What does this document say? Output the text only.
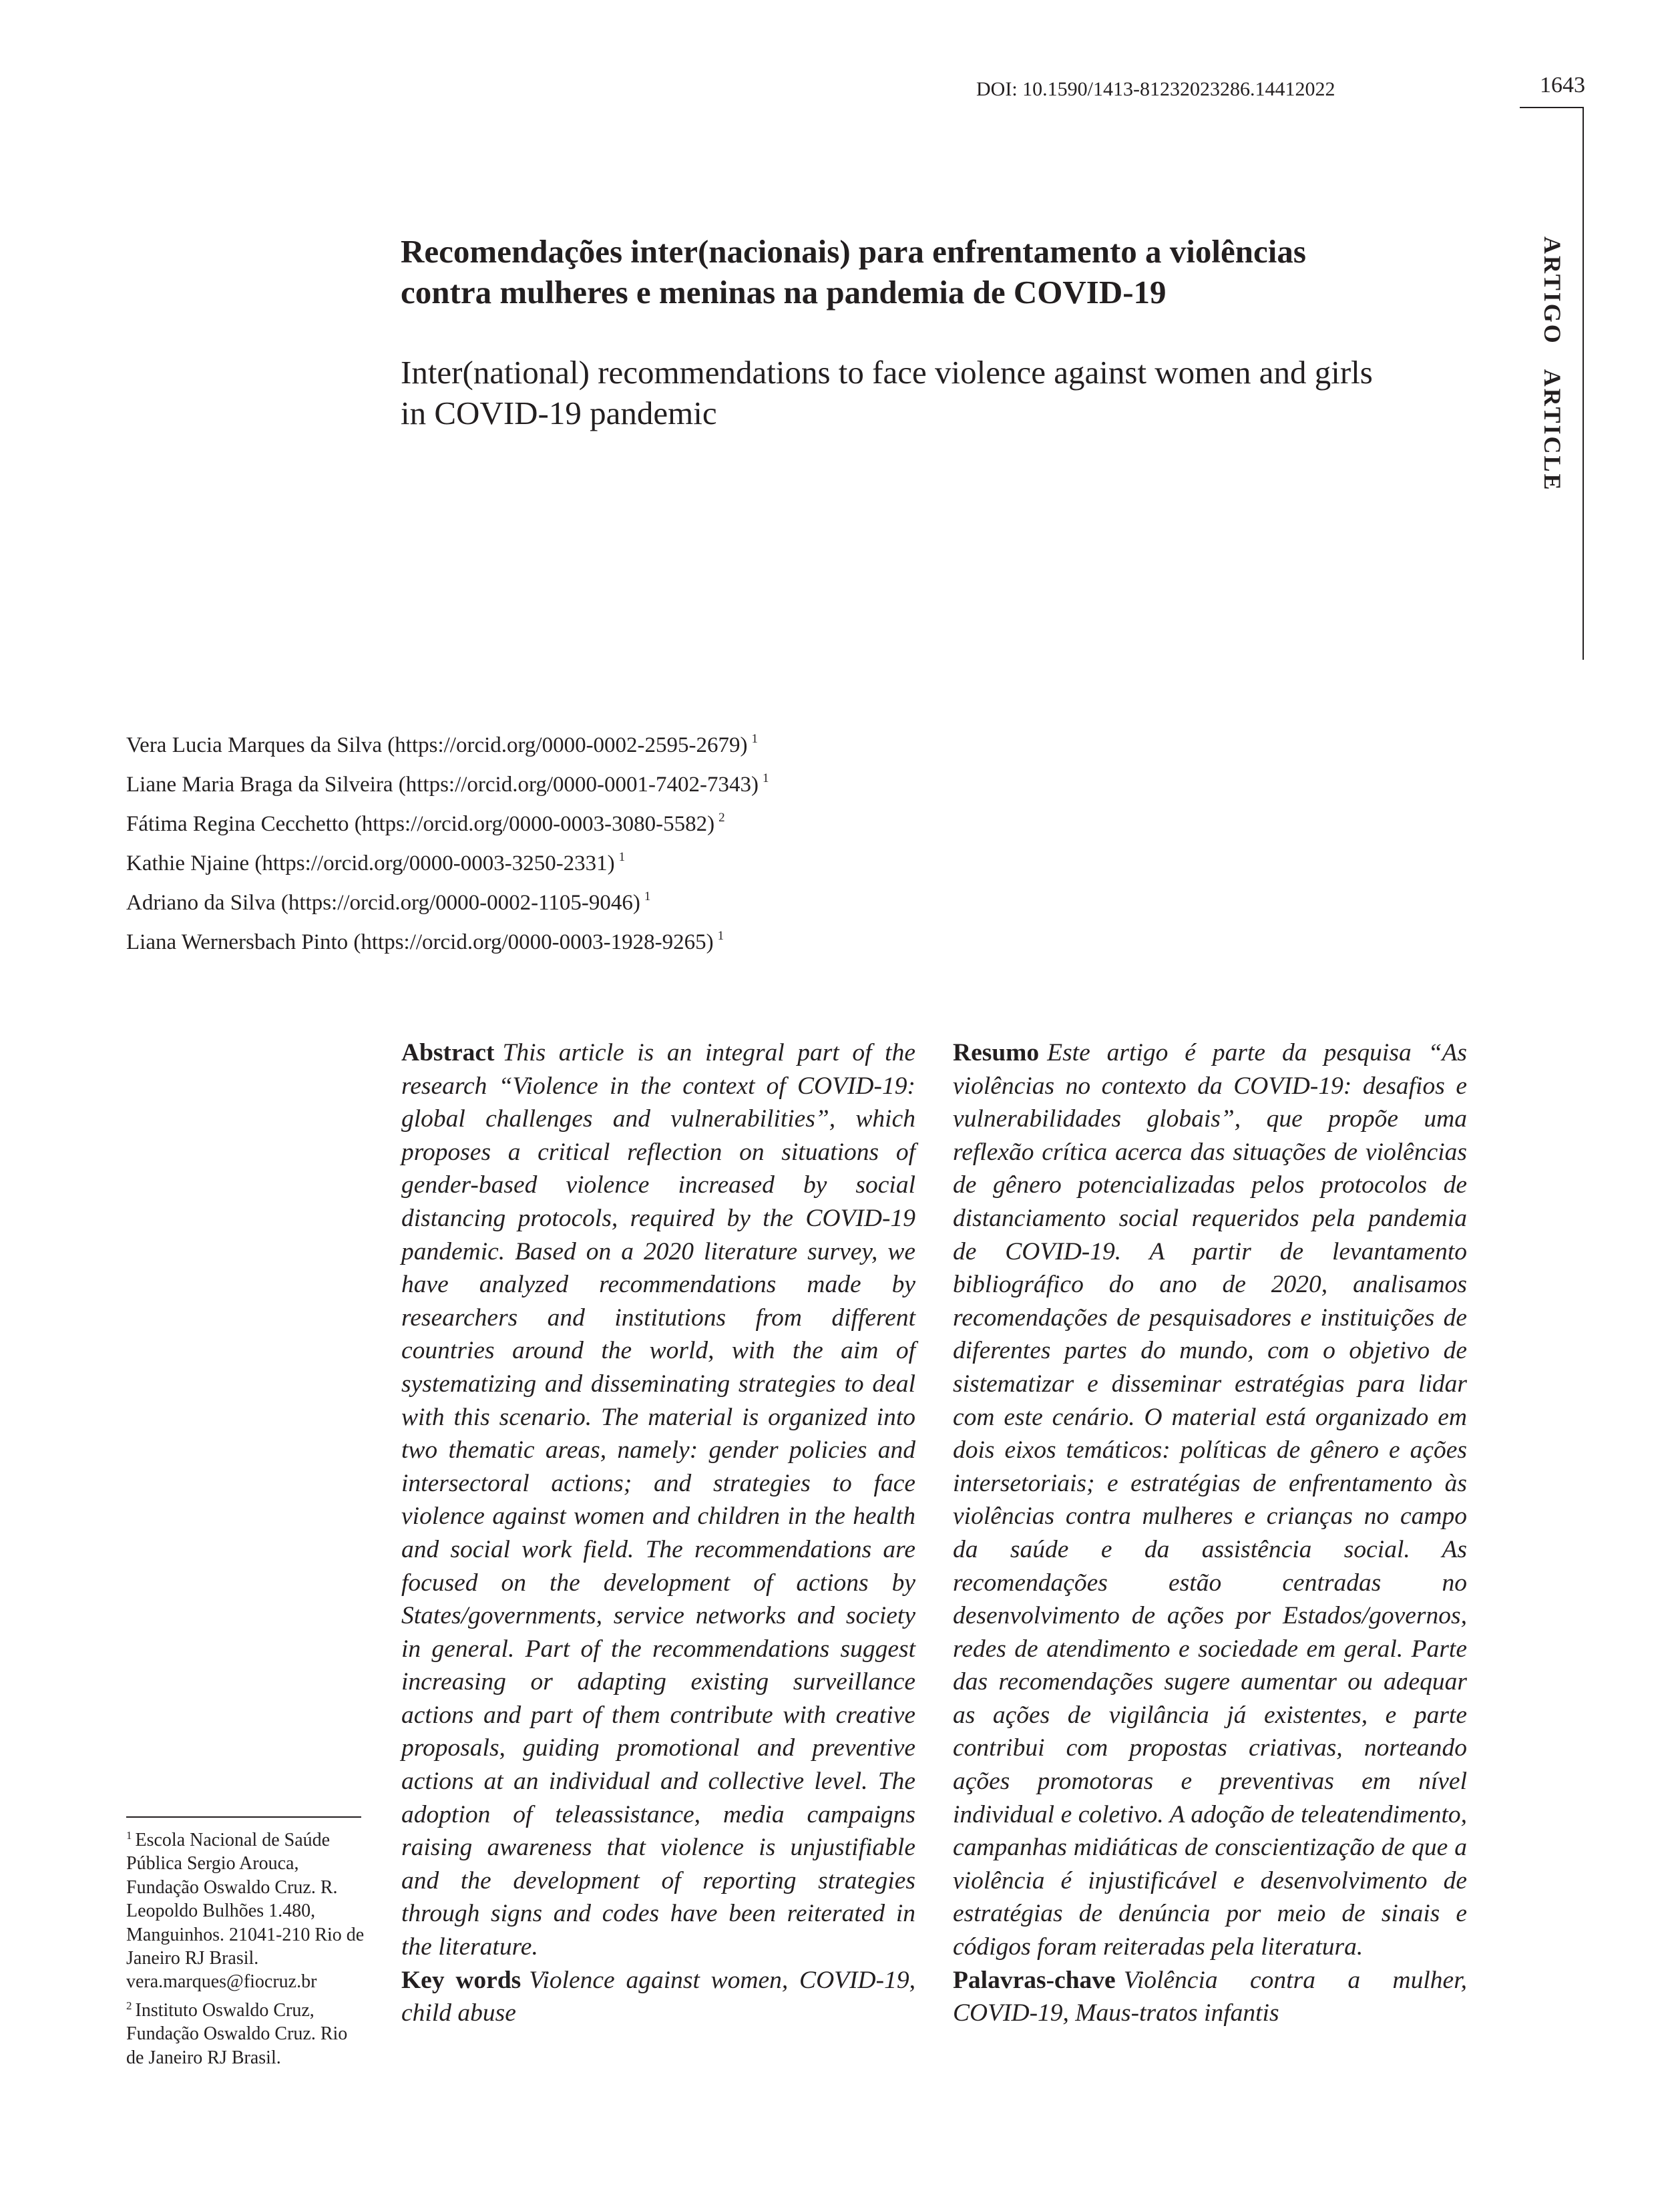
DOI: 10.1590/1413-81232023286.14412022	1643
ARTIGO ARTICLE
Recomendações inter(nacionais) para enfrentamento a violências contra mulheres e meninas na pandemia de COVID-19
Inter(national) recommendations to face violence against women and girls in COVID-19 pandemic
Vera Lucia Marques da Silva (https://orcid.org/0000-0002-2595-2679) $^1$
Liane Maria Braga da Silveira (https://orcid.org/0000-0001-7402-7343) $^1$
Fátima Regina Cecchetto (https://orcid.org/0000-0003-3080-5582) $^2$
Kathie Njaine (https://orcid.org/0000-0003-3250-2331) $^1$
Adriano da Silva (https://orcid.org/0000-0002-1105-9046) $^1$
Liana Wernersbach Pinto (https://orcid.org/0000-0003-1928-9265) $^1$

Abstract This article is an integral part of the research “Violence in the context of COVID-19: global challenges and vulnerabilities”, which proposes a critical reflection on situations of gender-based violence increased by social distancing protocols, required by the COVID-19 pandemic. Based on a 2020 literature survey, we have analyzed recommendations made by researchers and institutions from different countries around the world, with the aim of systematizing and disseminating strategies to deal with this scenario. The material is organized into two thematic areas, namely: gender policies and intersectoral actions; and strategies to face violence against women and children in the health and social work field. The recommendations are focused on the development of actions by States/governments, service networks and society in general. Part of the recommendations suggest increasing or adapting existing surveillance actions and part of them contribute with creative proposals, guiding promotional and preventive actions at an individual and collective level. The adoption of teleassistance, media campaigns raising awareness that violence is unjustifiable and the development of reporting strategies through signs and codes have been reiterated in the literature.

Key words Violence against women, COVID-19, child abuse

Resumo Este artigo é parte da pesquisa “As violências no contexto da COVID-19: desafios e vulnerabilidades globais”, que propõe uma reflexão crítica acerca das situações de violências de gênero potencializadas pelos protocolos de distanciamento social requeridos pela pandemia de COVID-19. A partir de levantamento bibliográfico do ano de 2020, analisamos recomendações de pesquisadores e instituições de diferentes partes do mundo, com o objetivo de sistematizar e disseminar estratégias para lidar com este cenário. O material está organizado em dois eixos temáticos: políticas de gênero e ações intersetoriais; e estratégias de enfrentamento às violências contra mulheres e crianças no campo da saúde e da assistência social. As recomendações estão centradas no desenvolvimento de ações por Estados/governos, redes de atendimento e sociedade em geral. Parte das recomendações sugere aumentar ou adequar as ações de vigilância já existentes, e parte contribui com propostas criativas, norteando ações promotoras e preventivas em nível individual e coletivo. A adoção de teleatendimento, campanhas midiáticas de conscientização de que a violência é injustificável e desenvolvimento de estratégias de denúncia por meio de sinais e códigos foram reiteradas pela literatura.

Palavras-chave Violência contra a mulher, COVID-19, Maus-tratos infantis

$^1$ Escola Nacional de Saúde Pública Sergio Arouca, Fundação Oswaldo Cruz. R. Leopoldo Bulhões 1.480, Manguinhos. 21041-210 Rio de Janeiro RJ Brasil. vera.marques@fiocruz.br

$^2$ Instituto Oswaldo Cruz, Fundação Oswaldo Cruz. Rio de Janeiro RJ Brasil.
